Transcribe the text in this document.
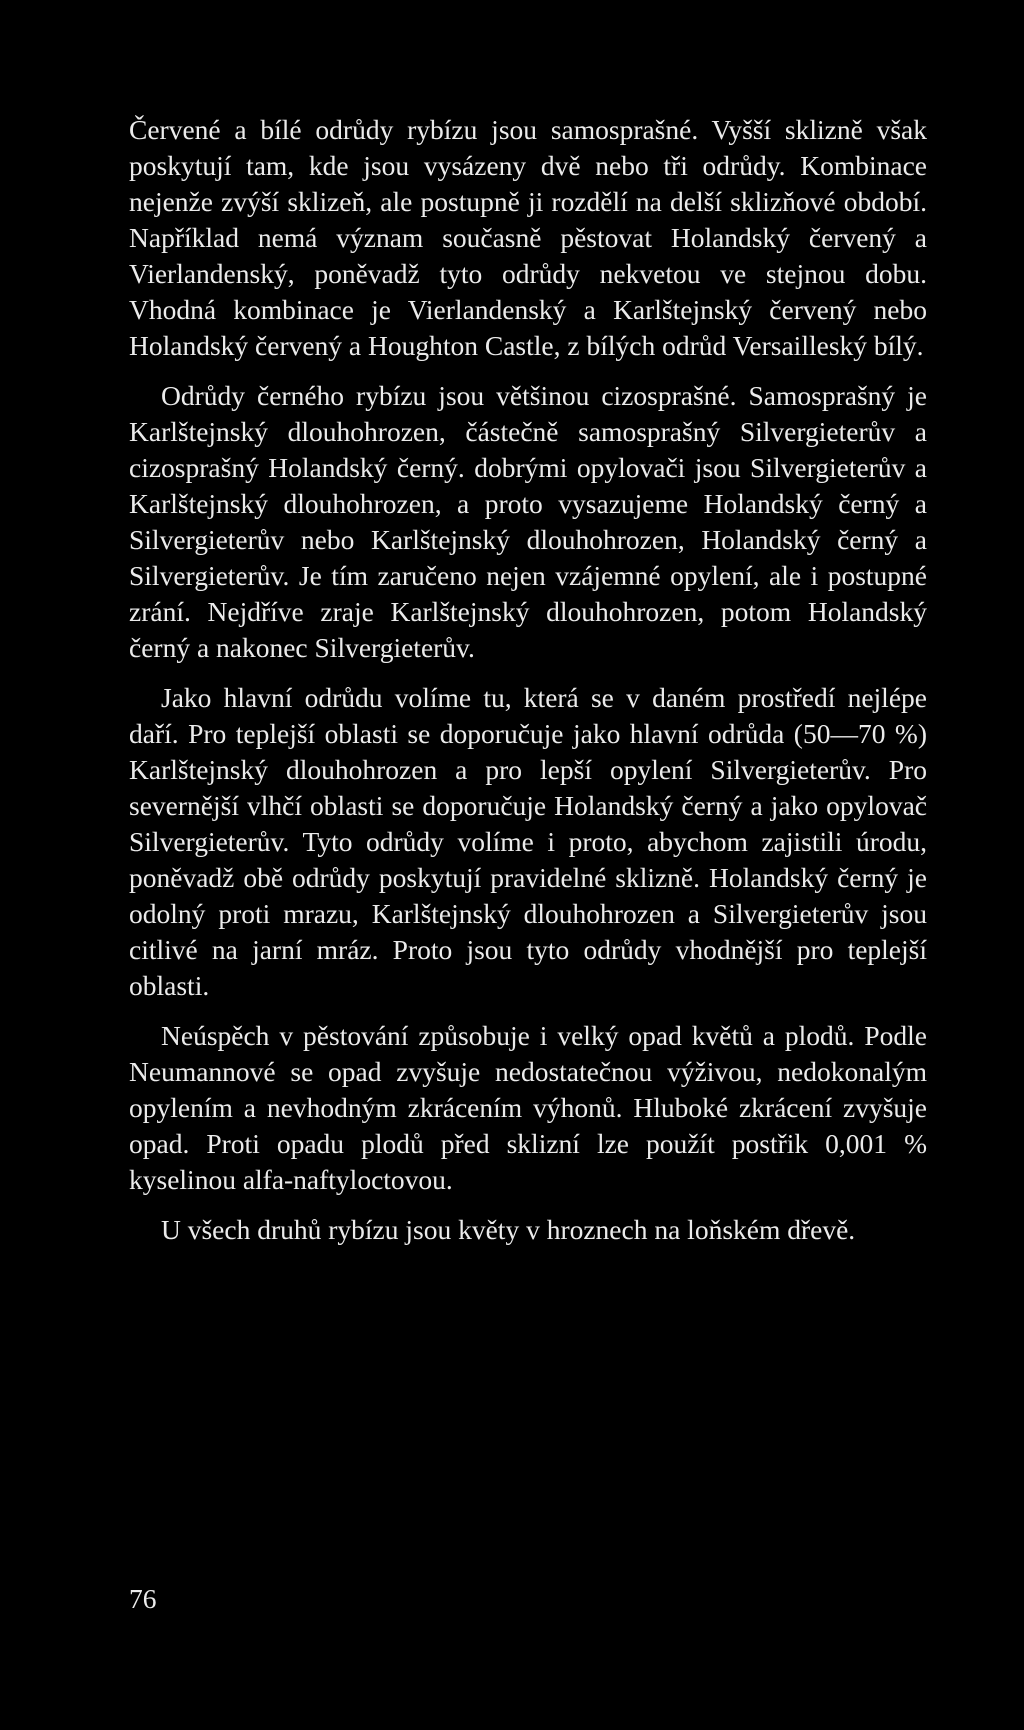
Červené a bílé odrůdy rybízu jsou samosprašné. Vyšší sklizně však poskytují tam, kde jsou vysázeny dvě nebo tři odrůdy. Kombinace nejenže zvýší sklizeň, ale postupně ji rozdělí na delší sklizňové období. Například nemá význam současně pěstovat Holandský červený a Vierlandenský, poněvadž tyto odrůdy nekvetou ve stejnou dobu. Vhodná kombinace je Vierlandenský a Karlštejnský červený nebo Holandský červený a Houghton Castle, z bílých odrůd Versailleský bílý.

Odrůdy černého rybízu jsou většinou cizosprašné. Samosprašný je Karlštejnský dlouhohrozen, částečně samosprašný Silvergieterův a cizosprašný Holandský černý. dobrými opylovači jsou Silvergieterův a Karlštejnský dlouhohrozen, a proto vysazujeme Holandský černý a Silvergieterův nebo Karlštejnský dlouhohrozen, Holandský černý a Silvergieterův. Je tím zaručeno nejen vzájemné opylení, ale i postupné zrání. Nejdříve zraje Karlštejnský dlouhohrozen, potom Holandský černý a nakonec Silvergieterův.

Jako hlavní odrůdu volíme tu, která se v daném prostředí nejlépe daří. Pro teplejší oblasti se doporučuje jako hlavní odrůda (50—70 %) Karlštejnský dlouhohrozen a pro lepší opylení Silvergieterův. Pro severnější vlhčí oblasti se doporučuje Holandský černý a jako opylovač Silvergieterův. Tyto odrůdy volíme i proto, abychom zajistili úrodu, poněvadž obě odrůdy poskytují pravidelné sklizně. Holandský černý je odolný proti mrazu, Karlštejnský dlouhohrozen a Silvergieterův jsou citlivé na jarní mráz. Proto jsou tyto odrůdy vhodnější pro teplejší oblasti.

Neúspěch v pěstování způsobuje i velký opad květů a plodů. Podle Neumannové se opad zvyšuje nedostatečnou výživou, nedokonalým opylením a nevhodným zkrácením výhonů. Hluboké zkrácení zvyšuje opad. Proti opadu plodů před sklizní lze použít postřik 0,001 % kyselinou alfa-naftyloctovou.

U všech druhů rybízu jsou květy v hroznech na loňském dřevě.

76
